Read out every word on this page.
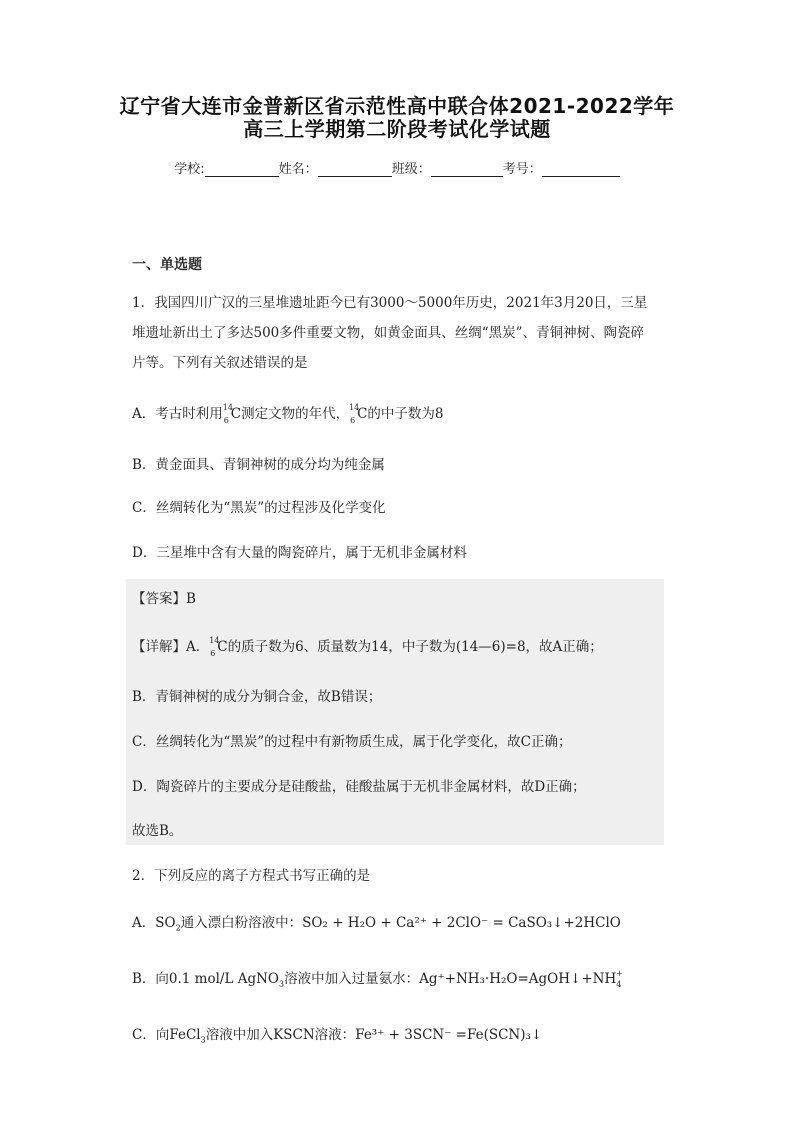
辽宁省大连市金普新区省示范性高中联合体2021-2022学年
高三上学期第二阶段考试化学试题
学校:	姓名：	班级：	考号：
一、单选题
1．我国四川广汉的三星堆遗址距今已有3000～5000年历史，2021年3月20日，三星
堆遗址新出土了多达500多件重要文物，如黄金面具、丝绸“黑炭”、青铜神树、陶瓷碎
片等。下列有关叙述错误的是
A．考古时利用 14
6 C测定文物的年代， 14
6 C的中子数为8
B．黄金面具、青铜神树的成分均为纯金属
C．丝绸转化为“黑炭”的过程涉及化学变化
D．三星堆中含有大量的陶瓷碎片，属于无机非金属材料
【答案】B
【详解】A． 14
6 C的质子数为6、质量数为14，中子数为(14—6)=8，故A正确；
B．青铜神树的成分为铜合金，故B错误；
C．丝绸转化为“黑炭”的过程中有新物质生成，属于化学变化，故C正确；
D．陶瓷碎片的主要成分是硅酸盐，硅酸盐属于无机非金属材料，故D正确；
故选B。
2．下列反应的离子方程式书写正确的是
A．$SO_2$通入漂白粉溶液中：SO₂ + H₂O + Ca²⁺ + 2ClO⁻ = CaSO₃↓+2HClO
B．向0.1 mol/L AgNO$_3$溶液中加入过量氨水：Ag⁺+NH₃·H₂O=AgOH↓+NH +
4
C．向FeCl$_3$溶液中加入KSCN溶液：Fe³⁺ + 3SCN⁻ =Fe(SCN)₃↓
